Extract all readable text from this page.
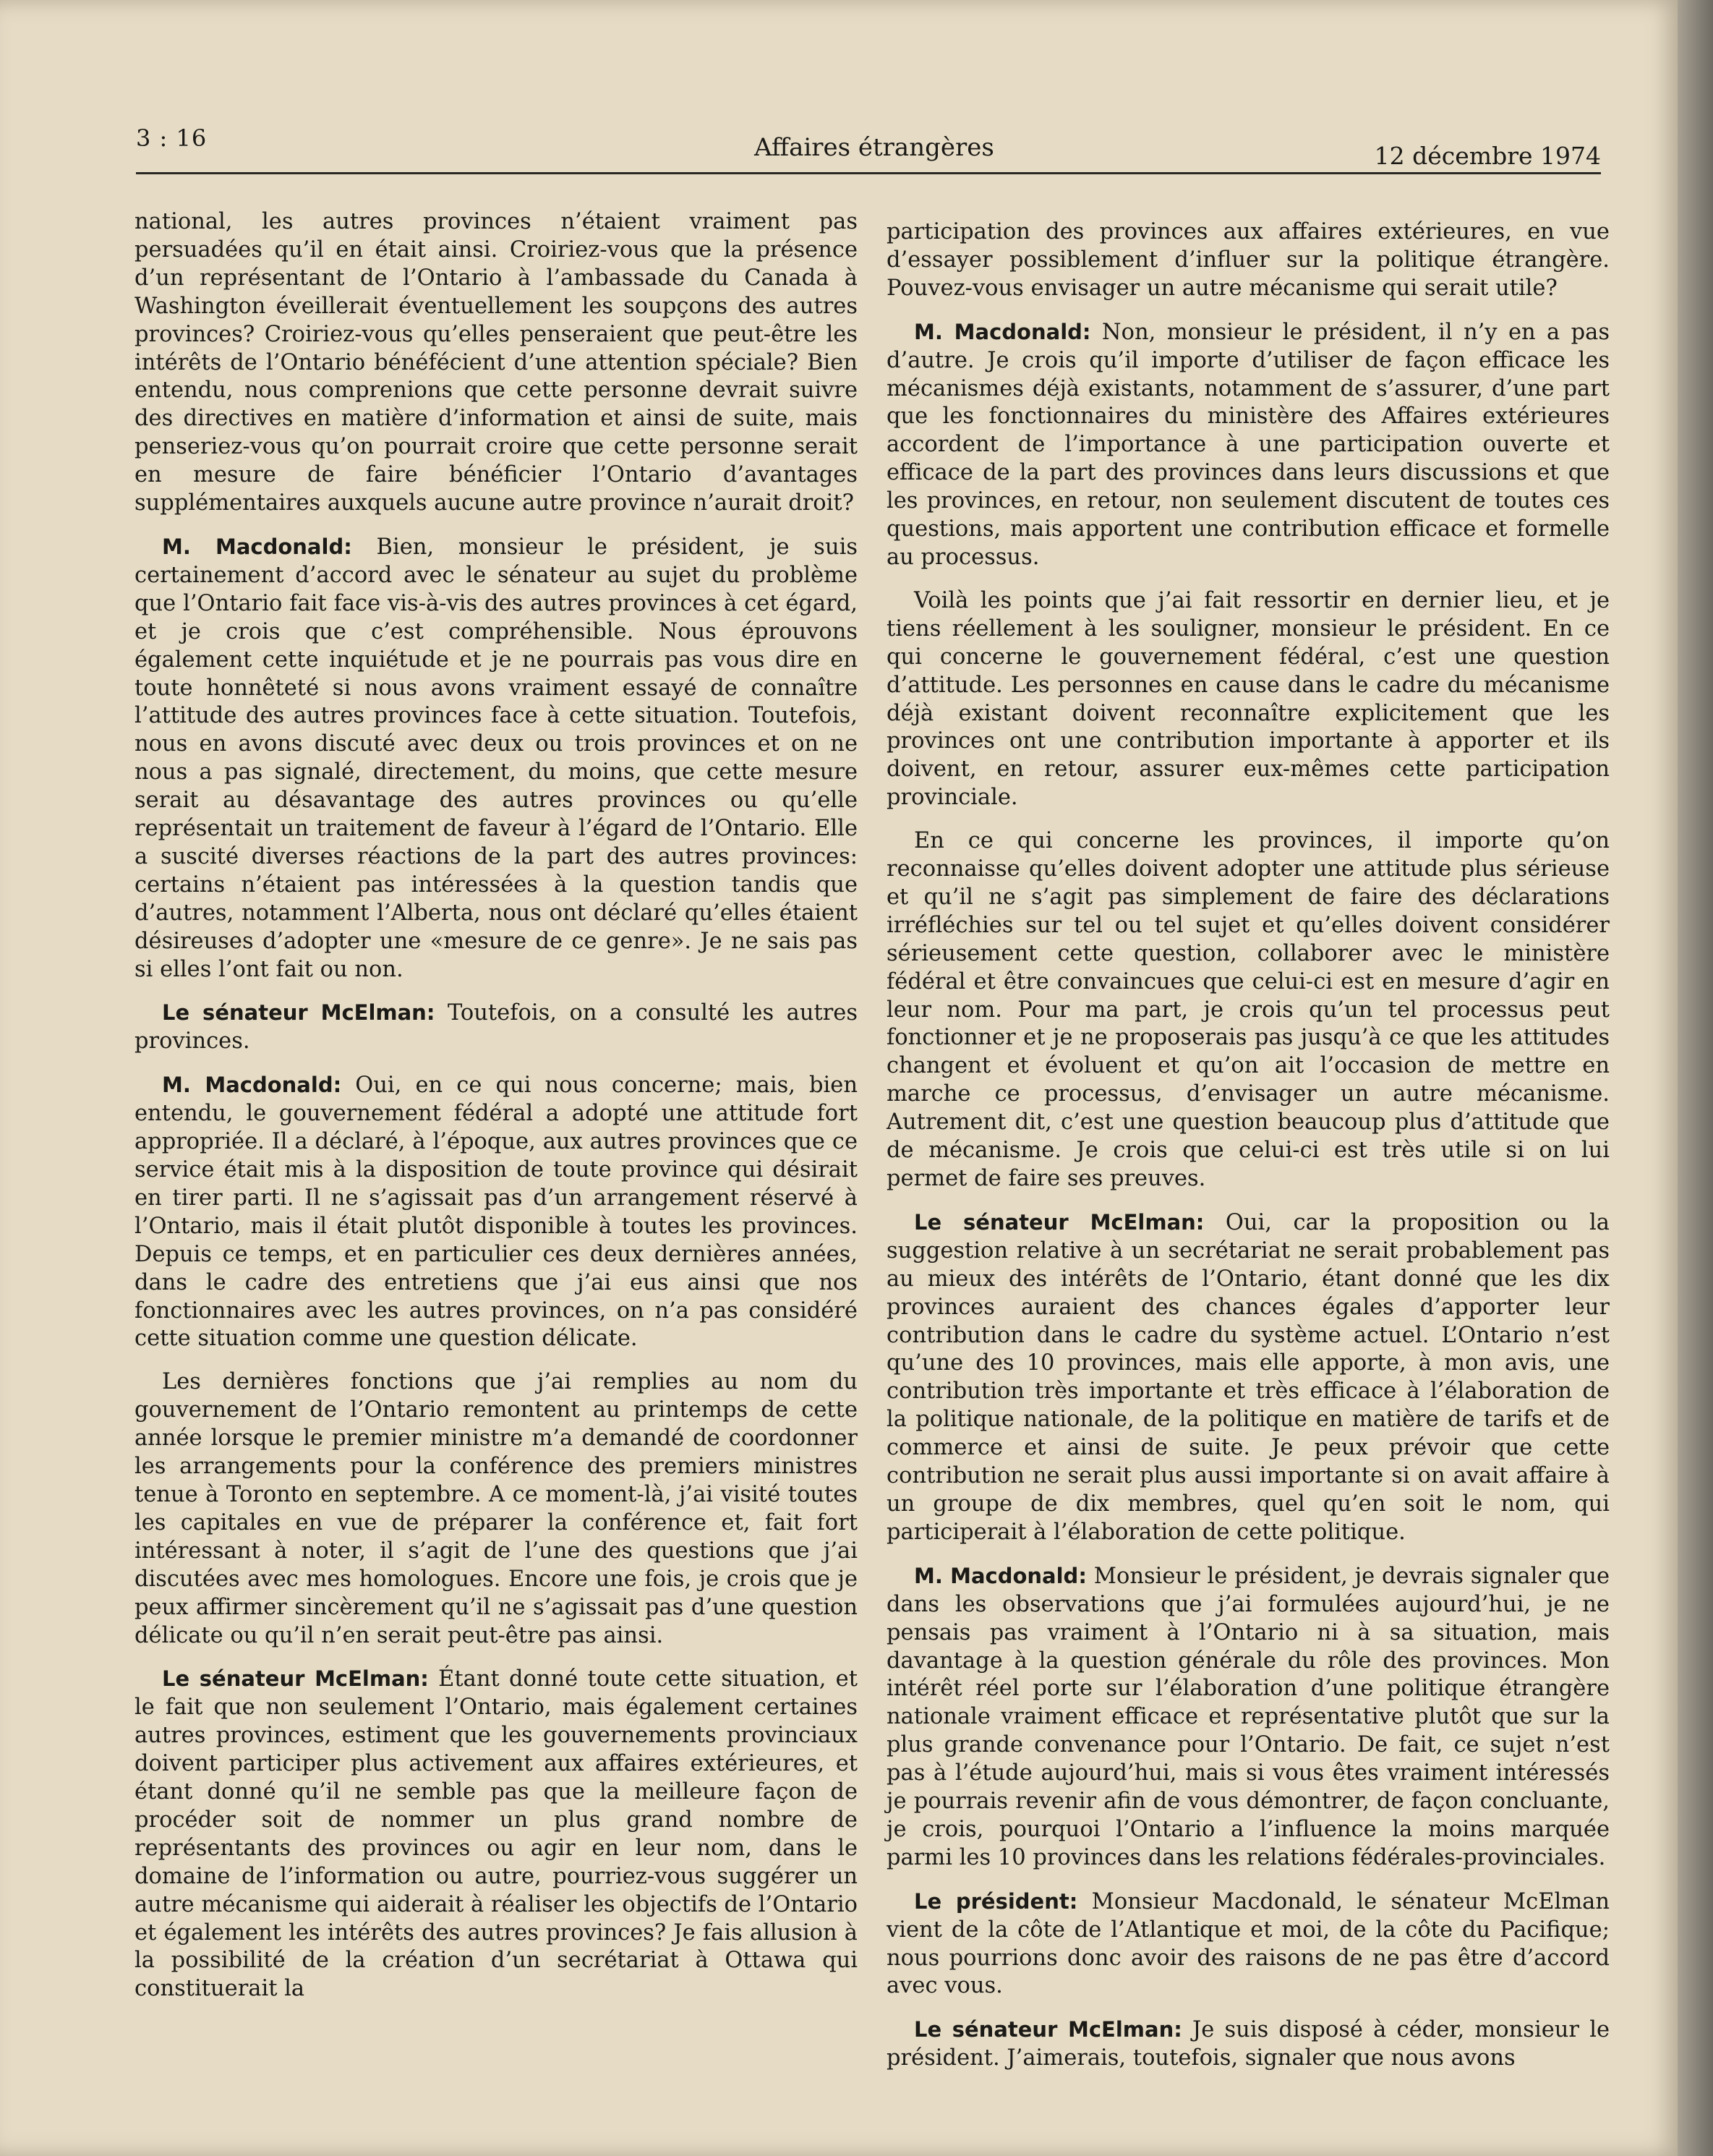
3 : 16	Affaires étrangères	12 décembre 1974

national, les autres provinces n’étaient vraiment pas persuadées qu’il en était ainsi. Croiriez-vous que la présence d’un représentant de l’Ontario à l’ambassade du Canada à Washington éveillerait éventuellement les soupçons des autres provinces? Croiriez-vous qu’elles penseraient que peut-être les intérêts de l’Ontario bénéfécient d’une attention spéciale? Bien entendu, nous comprenions que cette personne devrait suivre des directives en matière d’information et ainsi de suite, mais penseriez-vous qu’on pourrait croire que cette personne serait en mesure de faire bénéficier l’Ontario d’avantages supplémentaires auxquels aucune autre province n’aurait droit?

M. Macdonald: Bien, monsieur le président, je suis certainement d’accord avec le sénateur au sujet du problème que l’Ontario fait face vis-à-vis des autres provinces à cet égard, et je crois que c’est compréhensible. Nous éprouvons également cette inquiétude et je ne pourrais pas vous dire en toute honnêteté si nous avons vraiment essayé de connaître l’attitude des autres provinces face à cette situation. Toutefois, nous en avons discuté avec deux ou trois provinces et on ne nous a pas signalé, directement, du moins, que cette mesure serait au désavantage des autres provinces ou qu’elle représentait un traitement de faveur à l’égard de l’Ontario. Elle a suscité diverses réactions de la part des autres provinces: certains n’étaient pas intéressées à la question tandis que d’autres, notamment l’Alberta, nous ont déclaré qu’elles étaient désireuses d’adopter une «mesure de ce genre». Je ne sais pas si elles l’ont fait ou non.

Le sénateur McElman: Toutefois, on a consulté les autres provinces.

M. Macdonald: Oui, en ce qui nous concerne; mais, bien entendu, le gouvernement fédéral a adopté une attitude fort appropriée. Il a déclaré, à l’époque, aux autres provinces que ce service était mis à la disposition de toute province qui désirait en tirer parti. Il ne s’agissait pas d’un arrangement réservé à l’Ontario, mais il était plutôt disponible à toutes les provinces. Depuis ce temps, et en particulier ces deux dernières années, dans le cadre des entretiens que j’ai eus ainsi que nos fonctionnaires avec les autres provinces, on n’a pas considéré cette situation comme une question délicate.

Les dernières fonctions que j’ai remplies au nom du gouvernement de l’Ontario remontent au printemps de cette année lorsque le premier ministre m’a demandé de coordonner les arrangements pour la conférence des premiers ministres tenue à Toronto en septembre. A ce moment-là, j’ai visité toutes les capitales en vue de préparer la conférence et, fait fort intéressant à noter, il s’agit de l’une des questions que j’ai discutées avec mes homologues. Encore une fois, je crois que je peux affirmer sincèrement qu’il ne s’agissait pas d’une question délicate ou qu’il n’en serait peut-être pas ainsi.

Le sénateur McElman: Étant donné toute cette situation, et le fait que non seulement l’Ontario, mais également certaines autres provinces, estiment que les gouvernements provinciaux doivent participer plus activement aux affaires extérieures, et étant donné qu’il ne semble pas que la meilleure façon de procéder soit de nommer un plus grand nombre de représentants des provinces ou agir en leur nom, dans le domaine de l’information ou autre, pourriez-vous suggérer un autre mécanisme qui aiderait à réaliser les objectifs de l’Ontario et également les intérêts des autres provinces? Je fais allusion à la possibilité de la création d’un secrétariat à Ottawa qui constituerait la

participation des provinces aux affaires extérieures, en vue d’essayer possiblement d’influer sur la politique étrangère. Pouvez-vous envisager un autre mécanisme qui serait utile?

M. Macdonald: Non, monsieur le président, il n’y en a pas d’autre. Je crois qu’il importe d’utiliser de façon efficace les mécanismes déjà existants, notamment de s’assurer, d’une part que les fonctionnaires du ministère des Affaires extérieures accordent de l’importance à une participation ouverte et efficace de la part des provinces dans leurs discussions et que les provinces, en retour, non seulement discutent de toutes ces questions, mais apportent une contribution efficace et formelle au processus.

Voilà les points que j’ai fait ressortir en dernier lieu, et je tiens réellement à les souligner, monsieur le président. En ce qui concerne le gouvernement fédéral, c’est une question d’attitude. Les personnes en cause dans le cadre du mécanisme déjà existant doivent reconnaître explicitement que les provinces ont une contribution importante à apporter et ils doivent, en retour, assurer eux-mêmes cette participation provinciale.

En ce qui concerne les provinces, il importe qu’on reconnaisse qu’elles doivent adopter une attitude plus sérieuse et qu’il ne s’agit pas simplement de faire des déclarations irréfléchies sur tel ou tel sujet et qu’elles doivent considérer sérieusement cette question, collaborer avec le ministère fédéral et être convaincues que celui-ci est en mesure d’agir en leur nom. Pour ma part, je crois qu’un tel processus peut fonctionner et je ne proposerais pas jusqu’à ce que les attitudes changent et évoluent et qu’on ait l’occasion de mettre en marche ce processus, d’envisager un autre mécanisme. Autrement dit, c’est une question beaucoup plus d’attitude que de mécanisme. Je crois que celui-ci est très utile si on lui permet de faire ses preuves.

Le sénateur McElman: Oui, car la proposition ou la suggestion relative à un secrétariat ne serait probablement pas au mieux des intérêts de l’Ontario, étant donné que les dix provinces auraient des chances égales d’apporter leur contribution dans le cadre du système actuel. L’Ontario n’est qu’une des 10 provinces, mais elle apporte, à mon avis, une contribution très importante et très efficace à l’élaboration de la politique nationale, de la politique en matière de tarifs et de commerce et ainsi de suite. Je peux prévoir que cette contribution ne serait plus aussi importante si on avait affaire à un groupe de dix membres, quel qu’en soit le nom, qui participerait à l’élaboration de cette politique.

M. Macdonald: Monsieur le président, je devrais signaler que dans les observations que j’ai formulées aujourd’hui, je ne pensais pas vraiment à l’Ontario ni à sa situation, mais davantage à la question générale du rôle des provinces. Mon intérêt réel porte sur l’élaboration d’une politique étrangère nationale vraiment efficace et représentative plutôt que sur la plus grande convenance pour l’Ontario. De fait, ce sujet n’est pas à l’étude aujourd’hui, mais si vous êtes vraiment intéressés je pourrais revenir afin de vous démontrer, de façon concluante, je crois, pourquoi l’Ontario a l’influence la moins marquée parmi les 10 provinces dans les relations fédérales-provinciales.

Le président: Monsieur Macdonald, le sénateur McElman vient de la côte de l’Atlantique et moi, de la côte du Pacifique; nous pourrions donc avoir des raisons de ne pas être d’accord avec vous.

Le sénateur McElman: Je suis disposé à céder, monsieur le président. J’aimerais, toutefois, signaler que nous avons
